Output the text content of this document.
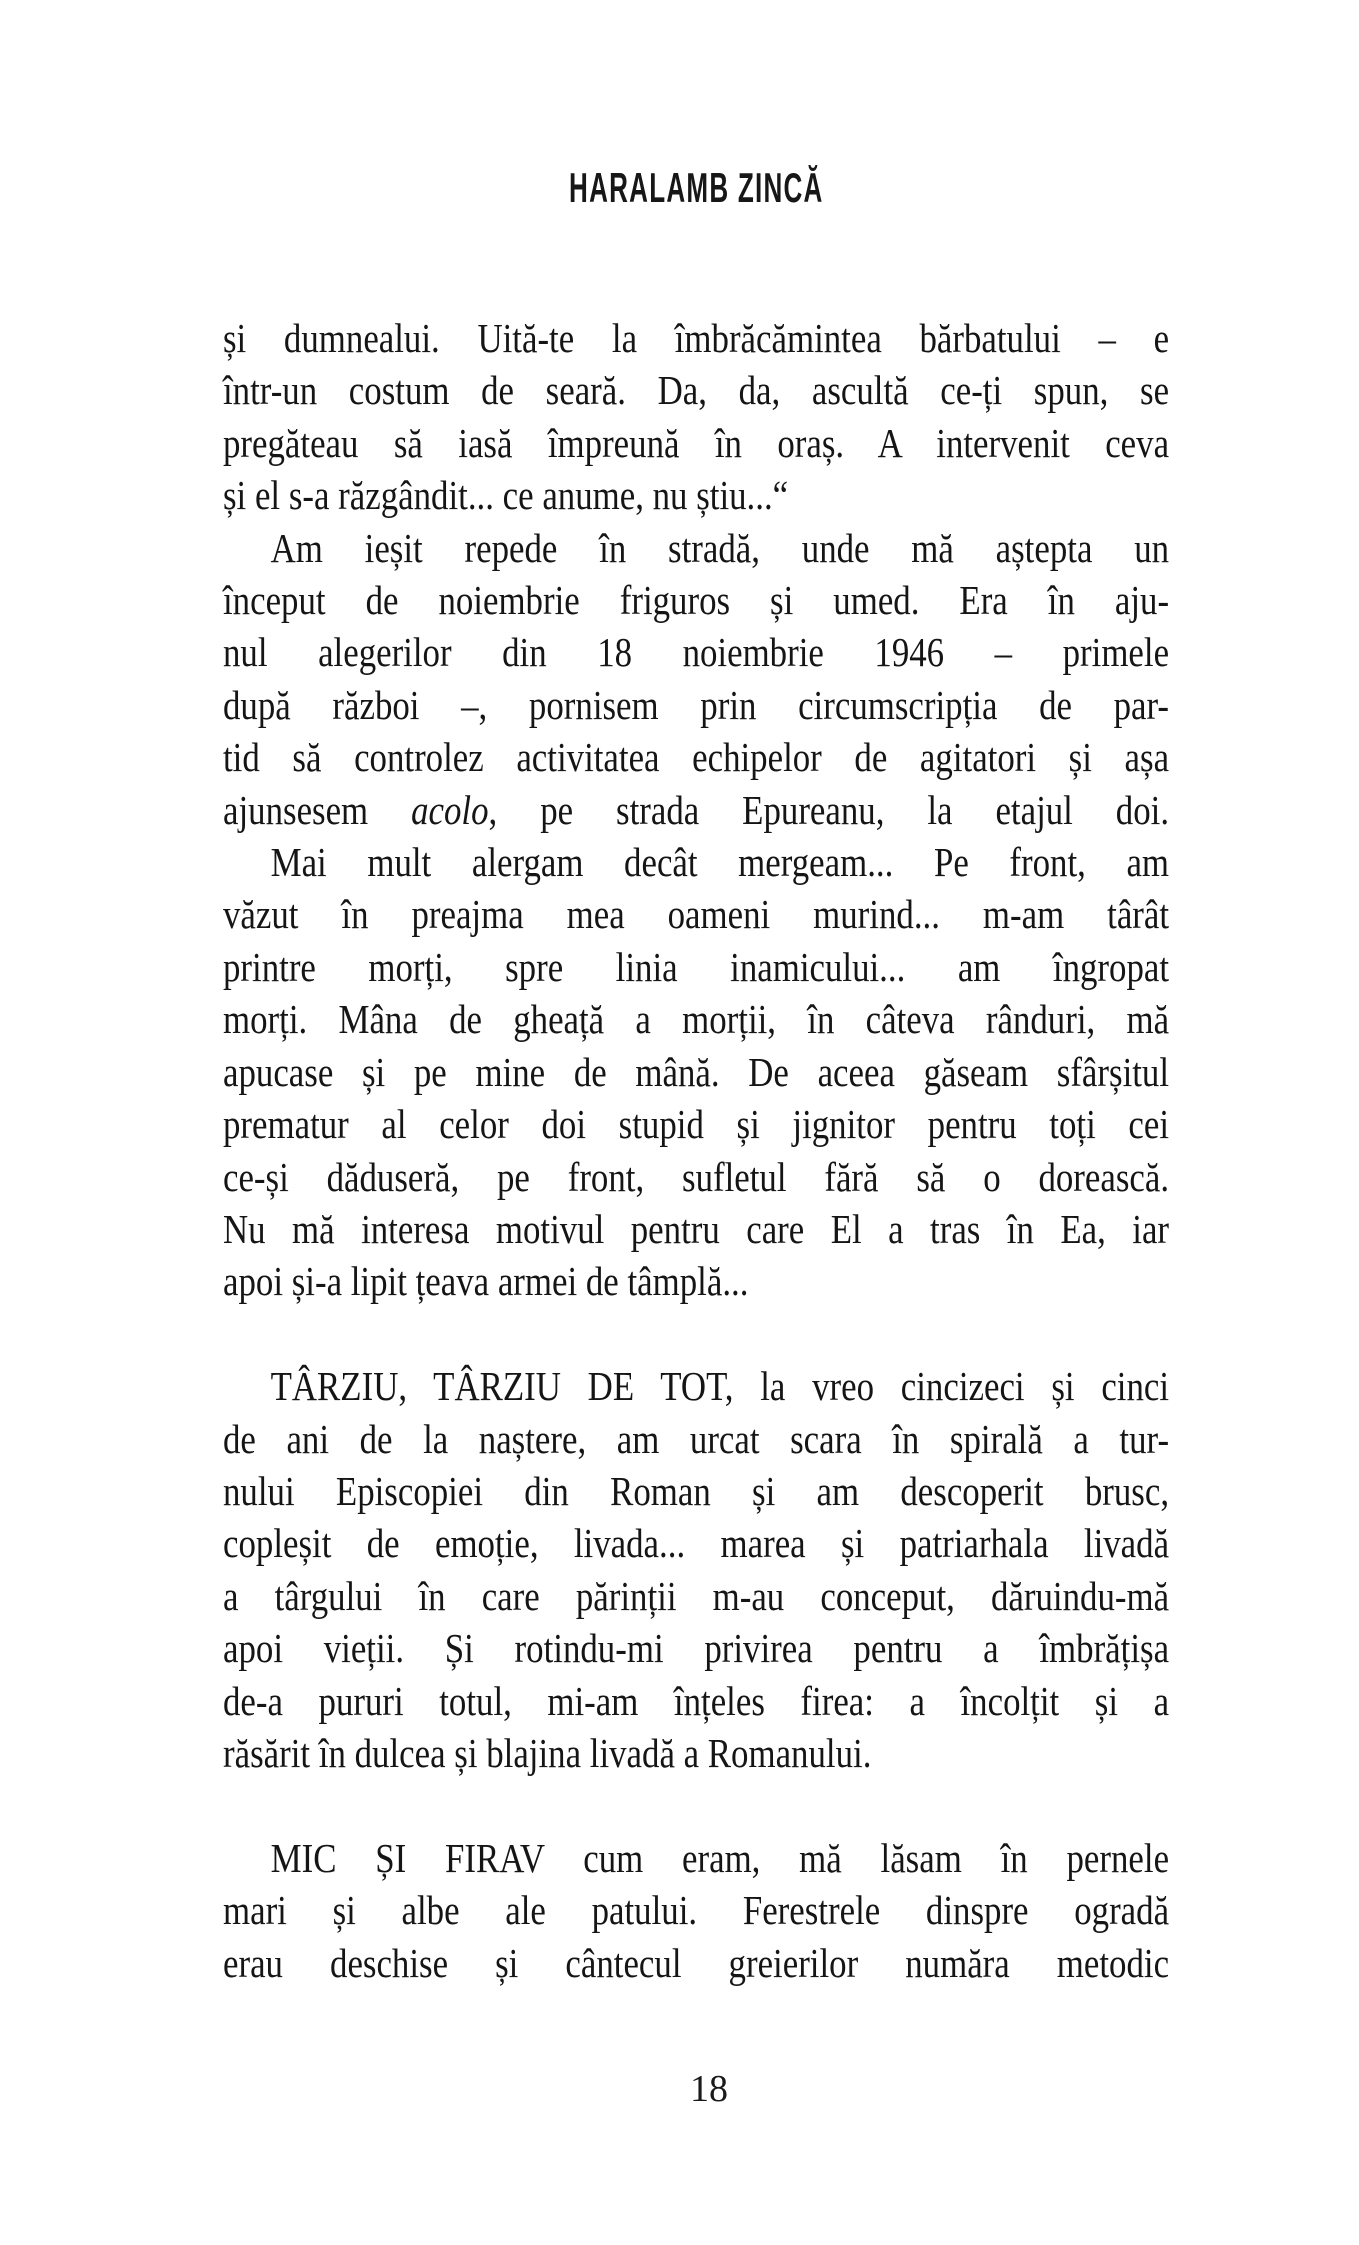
HARALAMB ZINCĂ
și dumnealui. Uită-te la îmbrăcămintea bărbatului – e
într-un costum de seară. Da, da, ascultă ce-ți spun, se
pregăteau să iasă împreună în oraș. A intervenit ceva
și el s-a răzgândit... ce anume, nu știu...“
Am ieșit repede în stradă, unde mă aștepta un
început de noiembrie friguros și umed. Era în aju-
nul alegerilor din 18 noiembrie 1946 – primele
după război –, pornisem prin circumscripția de par-
tid să controlez activitatea echipelor de agitatori și așa
ajunsesem acolo, pe strada Epureanu, la etajul doi.
Mai mult alergam decât mergeam... Pe front, am
văzut în preajma mea oameni murind... m-am târât
printre morți, spre linia inamicului... am îngropat
morți. Mâna de gheață a morții, în câteva rânduri, mă
apucase și pe mine de mână. De aceea găseam sfârșitul
prematur al celor doi stupid și jignitor pentru toți cei
ce-și dăduseră, pe front, sufletul fără să o dorească.
Nu mă interesa motivul pentru care El a tras în Ea, iar
apoi și-a lipit țeava armei de tâmplă...
TÂRZIU, TÂRZIU DE TOT, la vreo cincizeci și cinci
de ani de la naștere, am urcat scara în spirală a tur-
nului Episcopiei din Roman și am descoperit brusc,
copleșit de emoție, livada... marea și patriarhala livadă
a târgului în care părinții m-au conceput, dăruindu-mă
apoi vieții. Și rotindu-mi privirea pentru a îmbrățișa
de-a pururi totul, mi-am înțeles firea: a încolțit și a
răsărit în dulcea și blajina livadă a Romanului.
MIC ȘI FIRAV cum eram, mă lăsam în pernele
mari și albe ale patului. Ferestrele dinspre ogradă
erau deschise și cântecul greierilor număra metodic
18
